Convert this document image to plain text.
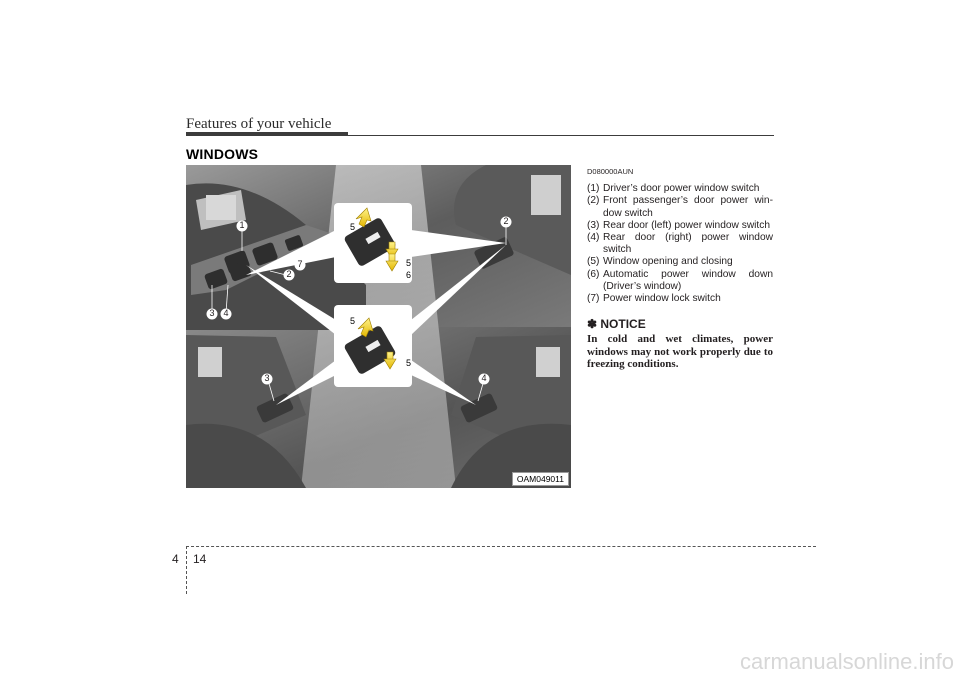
Features of your vehicle
WINDOWS
1
2
7
3 4
2
3	4
5
5
6
5
5
OAM049011
D080000AUN
(1) Driver’s door power window switch
(2) Front passenger’s door power win- dow switch
(3) Rear door (left) power window switch
(4) Rear door (right) power window switch
(5) Window opening and closing
(6) Automatic power window down (Driver’s window)
(7) Power window lock switch
✽ NOTICE
In cold and wet climates, power windows may not work properly due to freezing conditions.
4 14
carmanualsonline.info
